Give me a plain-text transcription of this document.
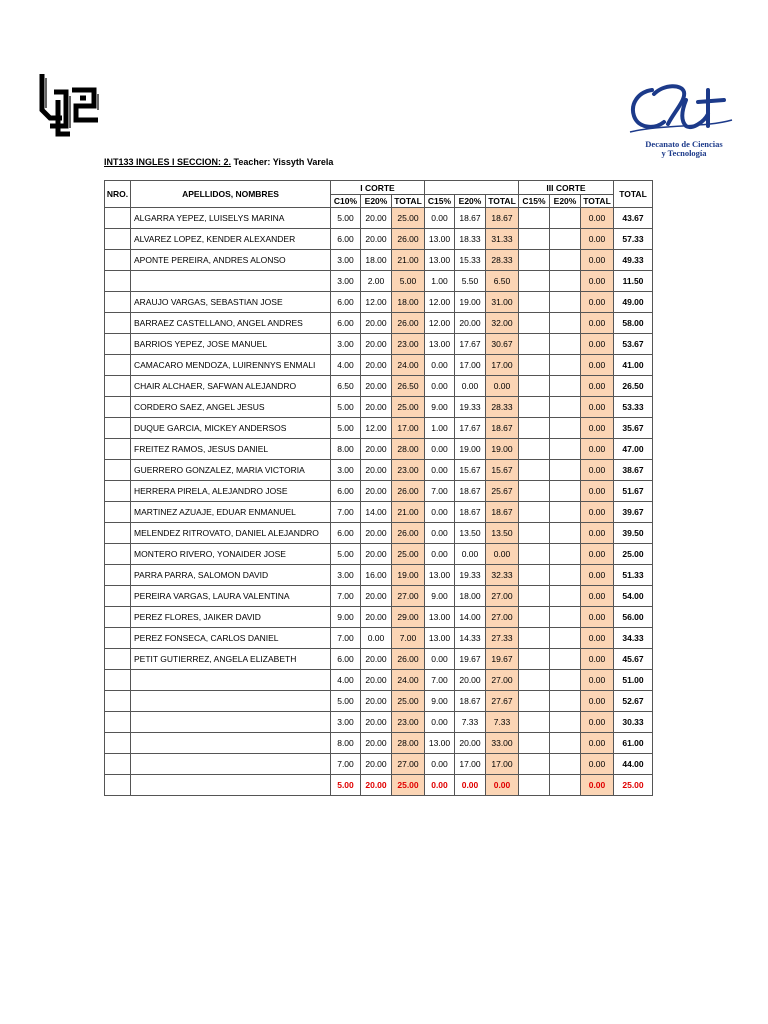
Decanato de Ciencias
y Tecnología
INT133 INGLES I SECCION: 2. Teacher: Yissyth Varela
NRO.	APELLIDOS, NOMBRES	I CORTE						III CORTE			TOTAL
		C10%	E20%	TOTAL	C15%	E20%	TOTAL	C15%	E20%	TOTAL	
	ALGARRA YEPEZ, LUISELYS MARINA	5.00	20.00	25.00	0.00	18.67	18.67			0.00	43.67
	ALVAREZ LOPEZ, KENDER ALEXANDER	6.00	20.00	26.00	13.00	18.33	31.33			0.00	57.33
	APONTE PEREIRA, ANDRES ALONSO	3.00	18.00	21.00	13.00	15.33	28.33			0.00	49.33
		3.00	2.00	5.00	1.00	5.50	6.50			0.00	11.50
	ARAUJO VARGAS, SEBASTIAN JOSE	6.00	12.00	18.00	12.00	19.00	31.00			0.00	49.00
	BARRAEZ CASTELLANO, ANGEL ANDRES	6.00	20.00	26.00	12.00	20.00	32.00			0.00	58.00
	BARRIOS YEPEZ, JOSE MANUEL	3.00	20.00	23.00	13.00	17.67	30.67			0.00	53.67
	CAMACARO MENDOZA, LUIRENNYS ENMALI	4.00	20.00	24.00	0.00	17.00	17.00			0.00	41.00
	CHAIR ALCHAER, SAFWAN ALEJANDRO	6.50	20.00	26.50	0.00	0.00	0.00			0.00	26.50
	CORDERO SAEZ, ANGEL JESUS	5.00	20.00	25.00	9.00	19.33	28.33			0.00	53.33
	DUQUE GARCIA, MICKEY ANDERSOS	5.00	12.00	17.00	1.00	17.67	18.67			0.00	35.67
	FREITEZ RAMOS, JESUS DANIEL	8.00	20.00	28.00	0.00	19.00	19.00			0.00	47.00
	GUERRERO GONZALEZ, MARIA VICTORIA	3.00	20.00	23.00	0.00	15.67	15.67			0.00	38.67
	HERRERA PIRELA, ALEJANDRO JOSE	6.00	20.00	26.00	7.00	18.67	25.67			0.00	51.67
	MARTINEZ AZUAJE, EDUAR ENMANUEL	7.00	14.00	21.00	0.00	18.67	18.67			0.00	39.67
	MELENDEZ RITROVATO, DANIEL ALEJANDRO	6.00	20.00	26.00	0.00	13.50	13.50			0.00	39.50
	MONTERO RIVERO, YONAIDER JOSE	5.00	20.00	25.00	0.00	0.00	0.00			0.00	25.00
	PARRA PARRA, SALOMON DAVID	3.00	16.00	19.00	13.00	19.33	32.33			0.00	51.33
	PEREIRA VARGAS, LAURA VALENTINA	7.00	20.00	27.00	9.00	18.00	27.00			0.00	54.00
	PEREZ FLORES, JAIKER DAVID	9.00	20.00	29.00	13.00	14.00	27.00			0.00	56.00
	PEREZ FONSECA, CARLOS DANIEL	7.00	0.00	7.00	13.00	14.33	27.33			0.00	34.33
	PETIT GUTIERREZ, ANGELA ELIZABETH	6.00	20.00	26.00	0.00	19.67	19.67			0.00	45.67
		4.00	20.00	24.00	7.00	20.00	27.00			0.00	51.00
		5.00	20.00	25.00	9.00	18.67	27.67			0.00	52.67
		3.00	20.00	23.00	0.00	7.33	7.33			0.00	30.33
		8.00	20.00	28.00	13.00	20.00	33.00			0.00	61.00
		7.00	20.00	27.00	0.00	17.00	17.00			0.00	44.00
		5.00	20.00	25.00	0.00	0.00	0.00			0.00	25.00
